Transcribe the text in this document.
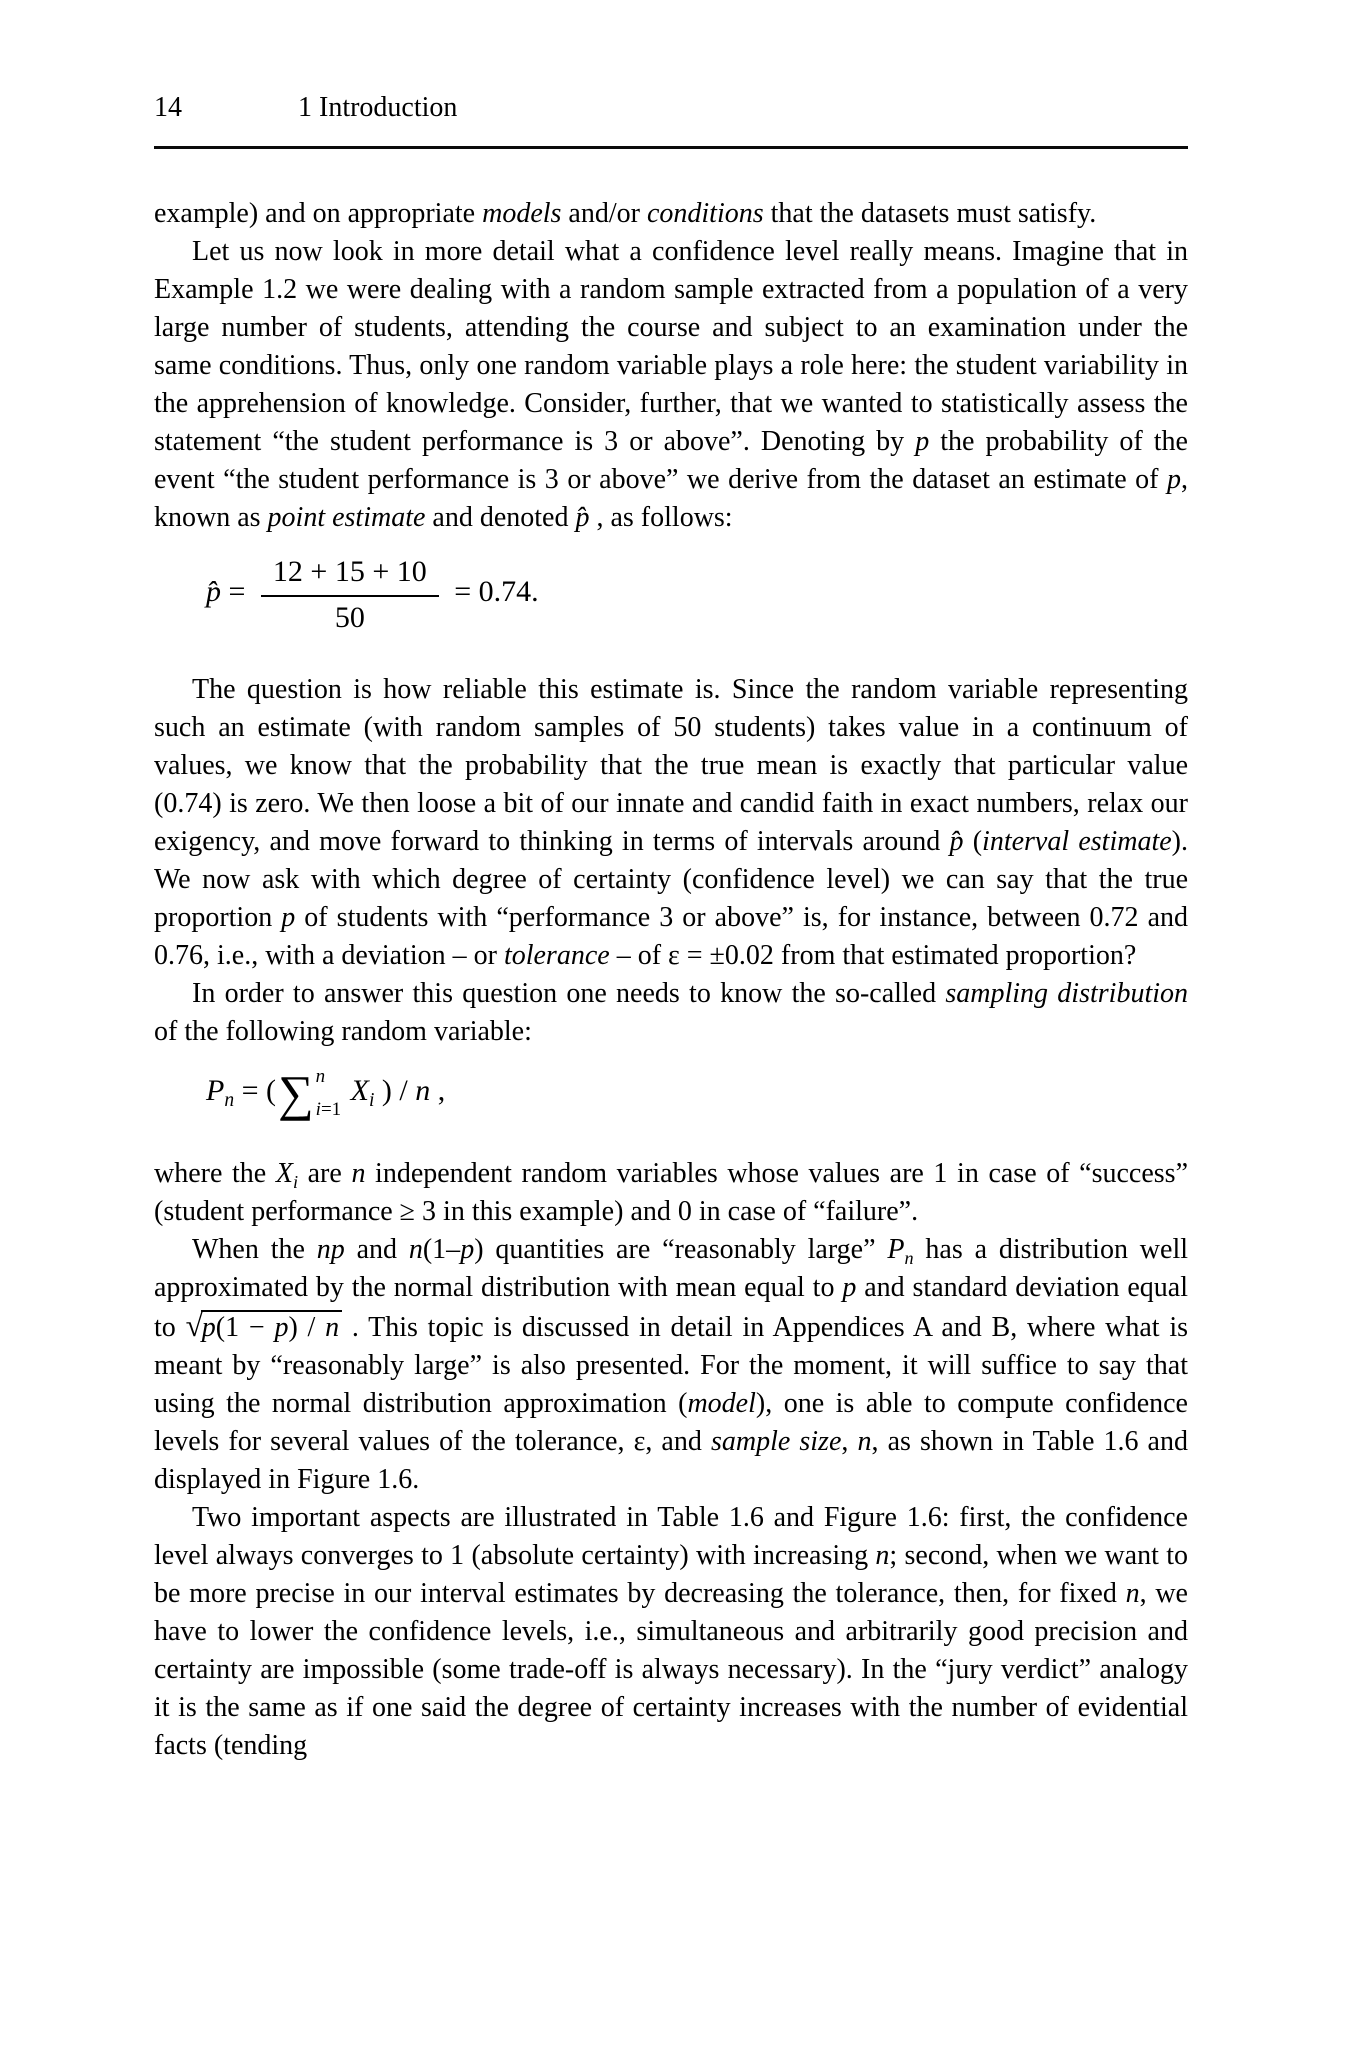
14	1 Introduction

example) and on appropriate models and/or conditions that the datasets must satisfy.

Let us now look in more detail what a confidence level really means. Imagine that in Example 1.2 we were dealing with a random sample extracted from a population of a very large number of students, attending the course and subject to an examination under the same conditions. Thus, only one random variable plays a role here: the student variability in the apprehension of knowledge. Consider, further, that we wanted to statistically assess the statement “the student performance is 3 or above”. Denoting by p the probability of the event “the student performance is 3 or above” we derive from the dataset an estimate of p, known as point estimate and denoted p̂ , as follows:

p̂ = $\frac{12 + 15 + 10}{50} = 0.74$.

The question is how reliable this estimate is. Since the random variable representing such an estimate (with random samples of 50 students) takes value in a continuum of values, we know that the probability that the true mean is exactly that particular value (0.74) is zero. We then loose a bit of our innate and candid faith in exact numbers, relax our exigency, and move forward to thinking in terms of intervals around p̂ (interval estimate). We now ask with which degree of certainty (confidence level) we can say that the true proportion p of students with “performance 3 or above” is, for instance, between 0.72 and 0.76, i.e., with a deviation – or tolerance – of ε = ±0.02 from that estimated proportion?

In order to answer this question one needs to know the so-called sampling distribution of the following random variable:

$P_n$ = ( ∑ n
i=1
$X_i$ ) / n ,

where the $X_i$ are n independent random variables whose values are 1 in case of “success” (student performance ≥ 3 in this example) and 0 in case of “failure”.

When the np and n(1–p) quantities are “reasonably large” $P_n$ has a distribution well approximated by the normal distribution with mean equal to p and standard deviation equal to √p(1 − p) / n . This topic is discussed in detail in Appendices A and B, where what is meant by “reasonably large” is also presented. For the moment, it will suffice to say that using the normal distribution approximation (model), one is able to compute confidence levels for several values of the tolerance, ε, and sample size, n, as shown in Table 1.6 and displayed in Figure 1.6.

Two important aspects are illustrated in Table 1.6 and Figure 1.6: first, the confidence level always converges to 1 (absolute certainty) with increasing n; second, when we want to be more precise in our interval estimates by decreasing the tolerance, then, for fixed n, we have to lower the confidence levels, i.e., simultaneous and arbitrarily good precision and certainty are impossible (some trade-off is always necessary). In the “jury verdict” analogy it is the same as if one said the degree of certainty increases with the number of evidential facts (tending
